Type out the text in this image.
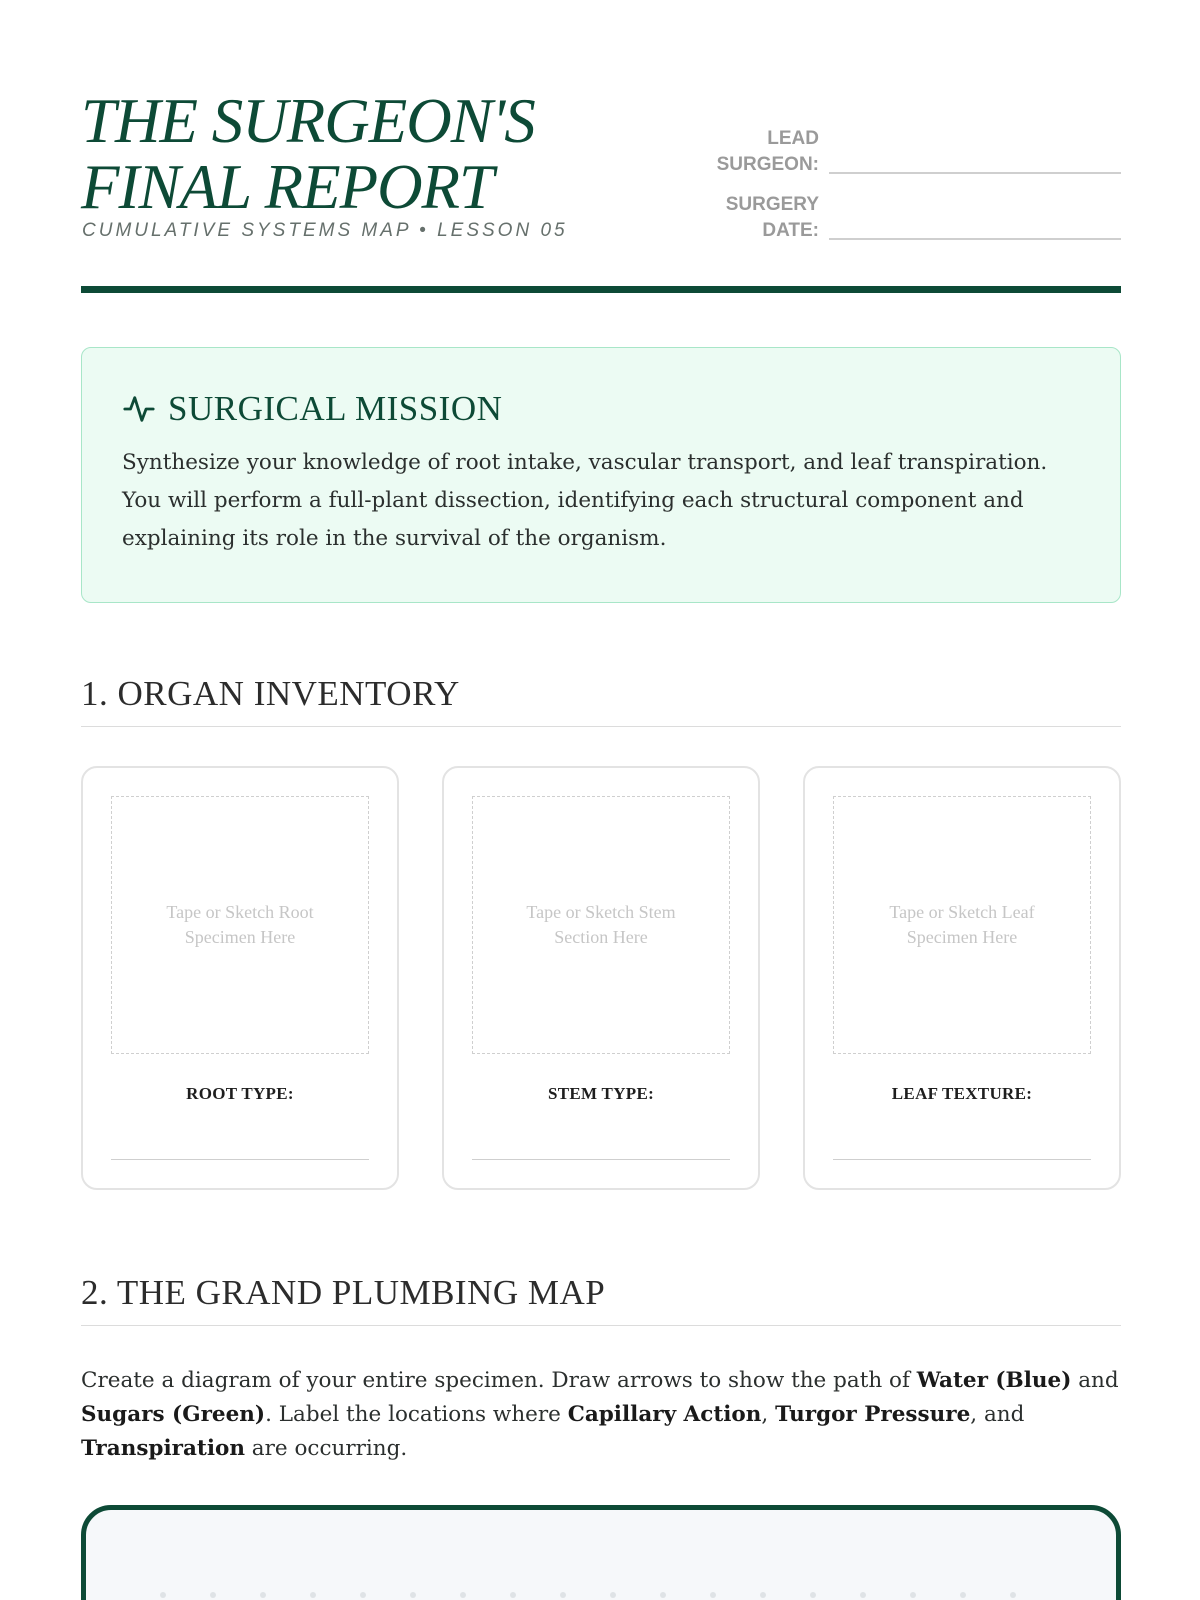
THE SURGEON'S
FINAL REPORT
CUMULATIVE SYSTEMS MAP • LESSON 05
LEAD SURGEON:
SURGERY DATE:
SURGICAL MISSION
Synthesize your knowledge of root intake, vascular transport, and leaf transpiration. You will perform a full-plant dissection, identifying each structural component and explaining its role in the survival of the organism.
1. ORGAN INVENTORY
Tape or Sketch Root Specimen Here
ROOT TYPE:
Tape or Sketch Stem Section Here
STEM TYPE:
Tape or Sketch Leaf Specimen Here
LEAF TEXTURE:
2. THE GRAND PLUMBING MAP
Create a diagram of your entire specimen. Draw arrows to show the path of Water (Blue) and Sugars (Green). Label the locations where Capillary Action, Turgor Pressure, and Transpiration are occurring.
